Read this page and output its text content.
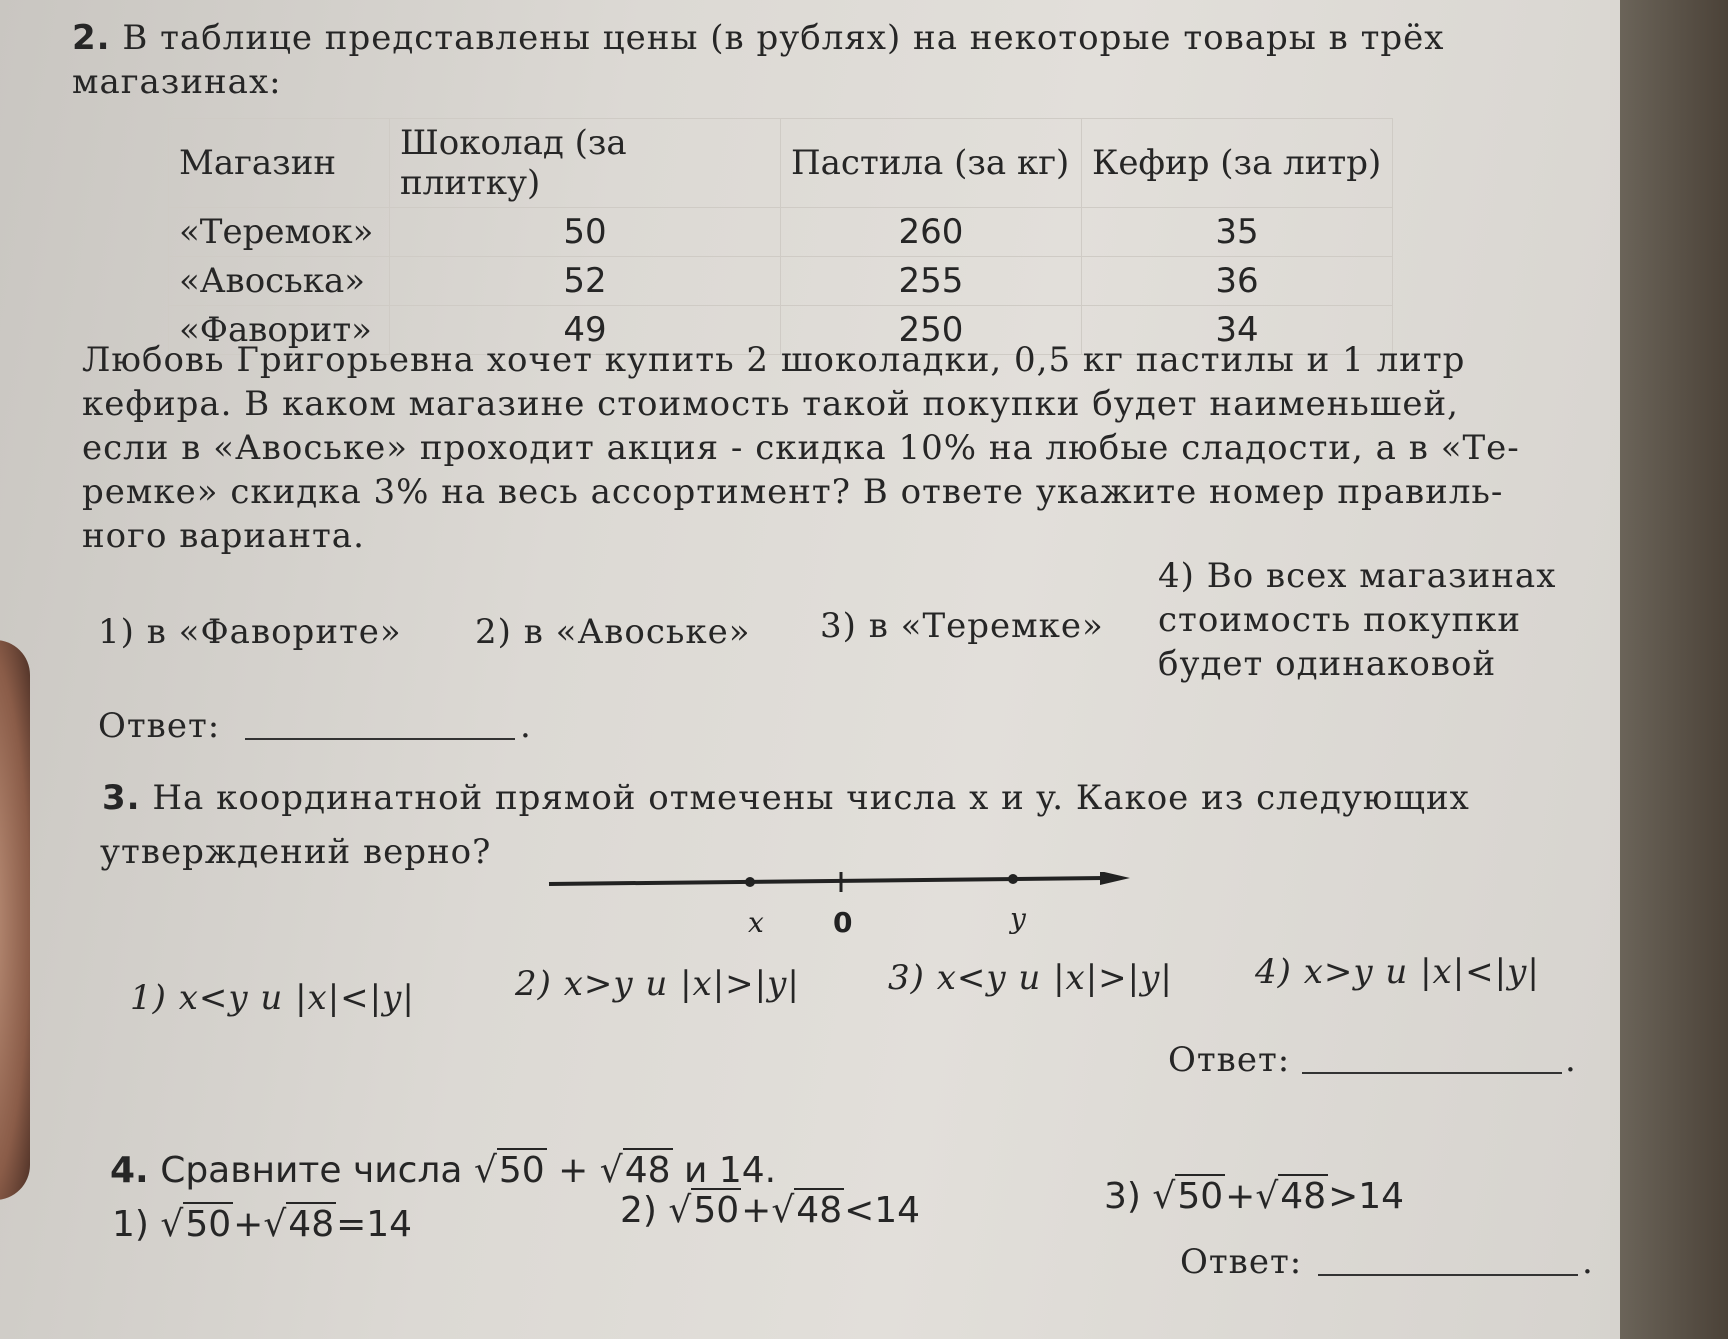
2. В таблице представлены цены (в рублях) на некоторые товары в трёх
магазинах:
Магазин	Шоколад (за плитку)	Пастила (за кг)	Кефир (за литр)
«Теремок»	50	260	35
«Авоська»	52	255	36
«Фаворит»	49	250	34
Любовь Григорьевна хочет купить 2 шоколадки, 0,5 кг пастилы и 1 литр
кефира. В каком магазине стоимость такой покупки будет наименьшей,
если в «Авоське» проходит акция - скидка 10% на любые сладости, а в «Те-
ремке» скидка 3% на весь ассортимент? В ответе укажите номер правиль-
ного варианта.
1) в «Фаворите» 2) в «Авоське» 3) в «Теремке»
4) Во всех магазинах
стоимость покупки
будет одинаковой
Ответ:	.
3. На координатной прямой отмечены числа x и y. Какое из следующих
утверждений верно?
x 0	y
1) x<y и |x|<|y|	2) x>y и |x|>|y|	3) x<y и |x|>|y| 4) x>y и |x|<|y|
Ответ:	.
4. Сравните числа √50 + √48 и 14.
1) √50+√48=14	2) √50+√48<14	3) √50+√48>14
Ответ:	.
